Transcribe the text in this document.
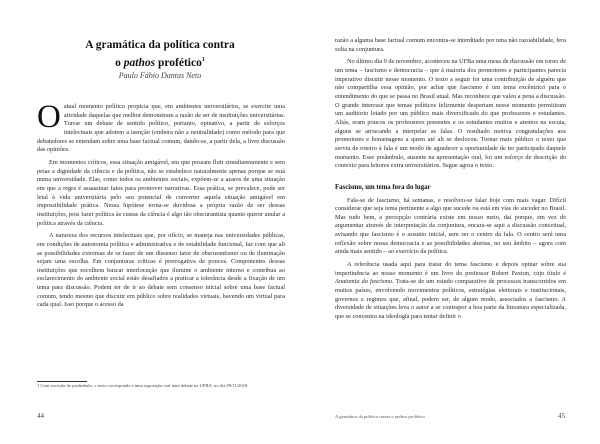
A gramática da política contra
o pathos profético$^1$
Paulo Fábio Dantas Neto

O atual momento político propicia que, em ambientes universitários, se exercite uma atividade daquelas que melhor demonstram a razão de ser de instituições universitárias. Travar um debate de sentido político, portanto, opinativo, a partir de esforços intelectuais que adotem a isenção (embora não a neutralidade) como método para que debatedores se entendam sobre uma base factual comum, dando-se, a partir dela, a livre discussão das opiniões.

Em momentos críticos, essa situação amigável, em que possam fluir simultaneamente e sem peias a dignidade da ciência e da política, não se estabelece naturalmente apenas porque se está numa universidade. Elas, como todos os ambientes sociais, expõem-se a azares de uma situação em que a regra é assassinar fatos para promover narrativas. Essa prática, se prevalece, pode ser letal à vida universitária pelo seu potencial de converter aquela situação amigável em impossibilidade prática. Nessa hipótese torna-se duvidosa a própria razão de ser dessas instituições, pois fazer política às custas da ciência é algo tão obscurantista quanto querer anular a política através da ciência.

A natureza dos recursos intelectuais que, por ofício, se maneja nas universidades públicas, em condições de autonomia política e administrativa e de estabilidade funcional, faz com que ali as possibilidades extremas de se fazer de um dissenso fator de obscurantismo ou de iluminação sejam uma escolha. Em conjunturas críticas é prerrogativa de poucos. Componentes dessas instituições que escolhem buscar interlocução que ilumine o ambiente interno e contribua ao esclarecimento do ambiente social estão desafiados a praticar a tolerância desde a fixação de um tema para discussão. Podem ter de ir ao debate sem consenso inicial sobre uma base factual comum, tendo mesmo que discutir em público sobre realidades virtuais, havendo um virtual para cada qual. Isso porque o acesso da

1 Com exceção do preâmbulo, o texto corresponde a uma exposição oral num debate na UFBA, no dia 09/11/2018.
44

razão a alguma base factual comum encontra-se interditado por uma não razoabilidade, fera solta na conjuntura.

No último dia 9 de novembro, aconteceu na UFBa uma mesa de discussão em torno de um tema – fascismo e democracia – que à maioria dos promotores e participantes parecia imperativo discutir nesse momento. O texto a seguir foi uma contribuição de alguém que não compartilha essa opinião, por achar que fascismo é um tema excêntrico para o entendimento do que se passa no Brasil atual. Mas reconhece que valeu a pena a discussão. O grande interesse que temas políticos felizmente despertam nesse momento permitiram um auditório lotado por um público mais diversificado do que professores e estudantes. Aliás, eram poucos os professores presentes e os estudantes muitos e atentos na escuta, alguns se arriscando a interpelar as falas. O resultado motiva congratulações aos promotores e homenagens a quem até ali se deslocou. Tornar mais público o texto que serviu de roteiro à fala é um modo de agradecer a oportunidade de ter participado daquele momento. Esse preâmbulo, ausente na apresentação oral, foi um esforço de descrição do contexto para leitores extra universitários. Segue agora o texto.

Fascismo, um tema fora do lugar

Fala-se de fascismo, há semanas, e resolveu-se falar hoje com mais vagar. Difícil considerar que seja tema pertinente a algo que sucede ou está em vias de suceder no Brasil. Mas tudo bem, a percepção contrária existe em nosso meio, daí porque, em vez de argumentar através de interpretação da conjuntura, encara-se aqui a discussão conceitual, avisando que fascismo é o assunto inicial, sem ser o centro da fala. O centro será uma reflexão sobre nossa democracia e as possibilidades abertas, no seu âmbito – agora com ainda mais sentido – ao exercício da política.

A referência usada aqui para tratar do tema fascismo e depois opinar sobre sua impertinência ao nosso momento é um livro do professor Robert Paxton, cujo título é Anatomia do fascismo. Trata-se de um estudo comparativo de processos transcorridos em muitos países, envolvendo movimentos políticos, estratégias eleitorais e institucionais, governos e regimes que, afinal, podem ser, de algum modo, associados a fascismo. A diversidade de situações leva o autor a se contrapor a boa parte da literatura especializada, que se concentra na ideologia para tentar definir o

A gramática da política contra o pathos profético	45
